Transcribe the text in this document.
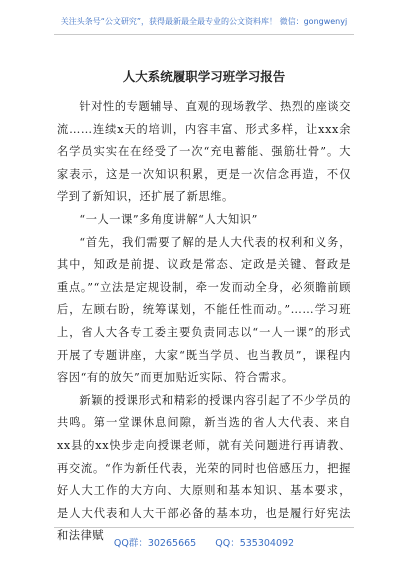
关注头条号“公文研究”，获得最新最全最专业的公文资料库！ 微信：gongwenyj
人大系统履职学习班学习报告

针对性的专题辅导、直观的现场教学、热烈的座谈交流……连续x天的培训，内容丰富、形式多样，让xxx余名学员实实在在经受了一次“充电蓄能、强筋壮骨”。大家表示，这是一次知识积累，更是一次信念再造，不仅学到了新知识，还扩展了新思维。

“一人一课”多角度讲解“人大知识”

“首先，我们需要了解的是人大代表的权利和义务，其中，知政是前提、议政是常态、定政是关键、督政是重点。”“立法是定规设制，牵一发而动全身，必须瞻前顾后，左顾右盼，统筹谋划，不能任性而动。”……学习班上，省人大各专工委主要负责同志以“一人一课”的形式开展了专题讲座，大家“既当学员、也当教员”，课程内容因“有的放矢”而更加贴近实际、符合需求。

新颖的授课形式和精彩的授课内容引起了不少学员的共鸣。第一堂课休息间隙，新当选的省人大代表、来自xx县的xx快步走向授课老师，就有关问题进行再请教、再交流。“作为新任代表，光荣的同时也倍感压力，把握好人大工作的大方向、大原则和基本知识、基本要求，是人大代表和人大干部必备的基本功，也是履行好宪法和法律赋

QQ群：30265665 QQ：535304092
